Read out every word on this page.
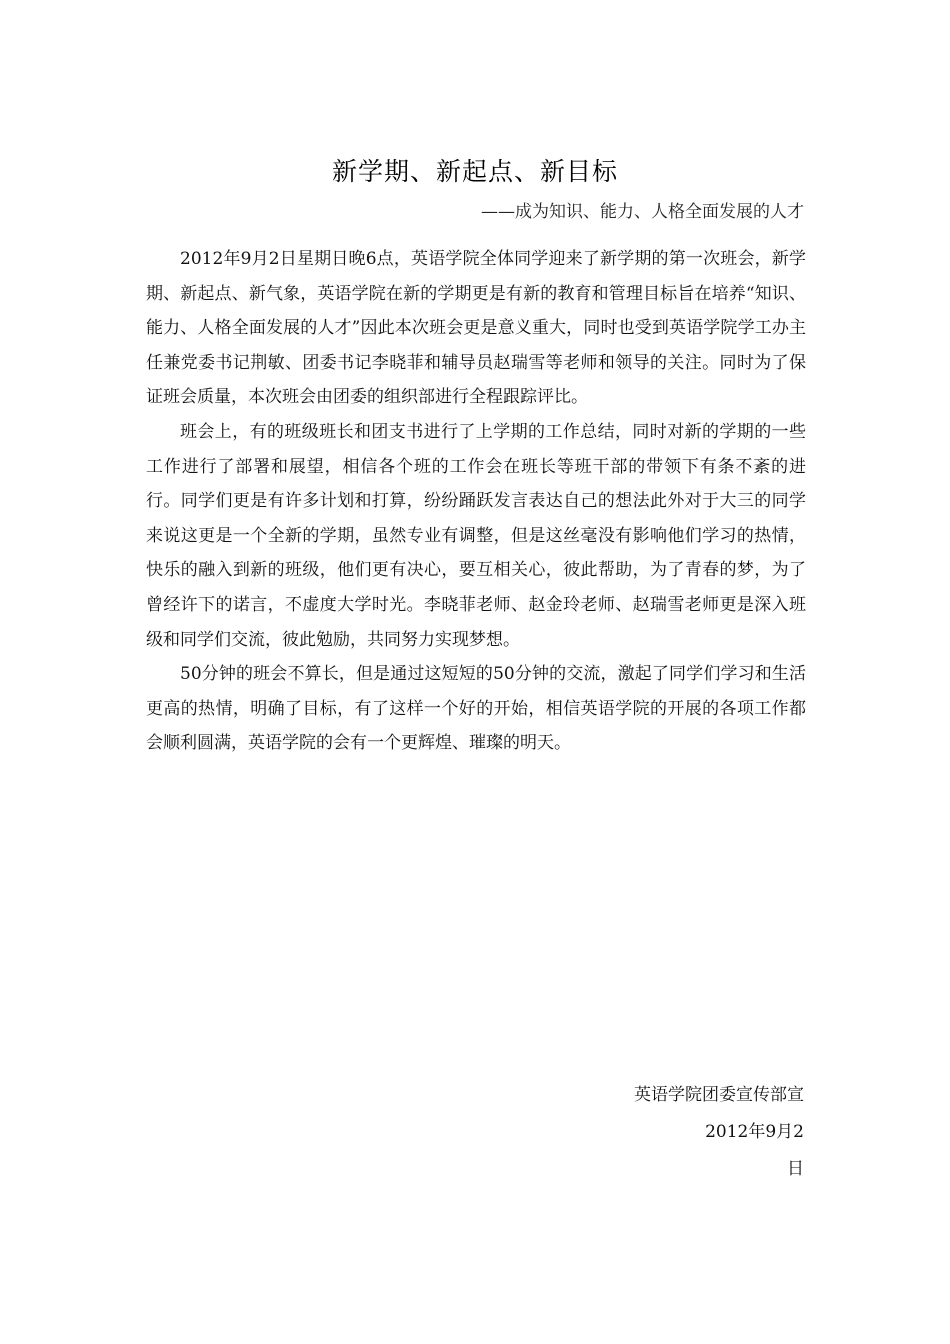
新学期、新起点、新目标
——成为知识、能力、人格全面发展的人才

2012年9月2日星期日晚6点，英语学院全体同学迎来了新学期的第一次班会，新学期、新起点、新气象，英语学院在新的学期更是有新的教育和管理目标旨在培养“知识、能力、人格全面发展的人才”因此本次班会更是意义重大，同时也受到英语学院学工办主任兼党委书记荆敏、团委书记李晓菲和辅导员赵瑞雪等老师和领导的关注。同时为了保证班会质量，本次班会由团委的组织部进行全程跟踪评比。

班会上，有的班级班长和团支书进行了上学期的工作总结，同时对新的学期的一些工作进行了部署和展望，相信各个班的工作会在班长等班干部的带领下有条不紊的进行。同学们更是有许多计划和打算，纷纷踊跃发言表达自己的想法此外对于大三的同学来说这更是一个全新的学期，虽然专业有调整，但是这丝毫没有影响他们学习的热情，快乐的融入到新的班级，他们更有决心，要互相关心，彼此帮助，为了青春的梦，为了曾经许下的诺言，不虚度大学时光。李晓菲老师、赵金玲老师、赵瑞雪老师更是深入班级和同学们交流，彼此勉励，共同努力实现梦想。

50分钟的班会不算长，但是通过这短短的50分钟的交流，激起了同学们学习和生活更高的热情，明确了目标，有了这样一个好的开始，相信英语学院的开展的各项工作都会顺利圆满，英语学院的会有一个更辉煌、璀璨的明天。

英语学院团委宣传部宣
2012年9月2
日
